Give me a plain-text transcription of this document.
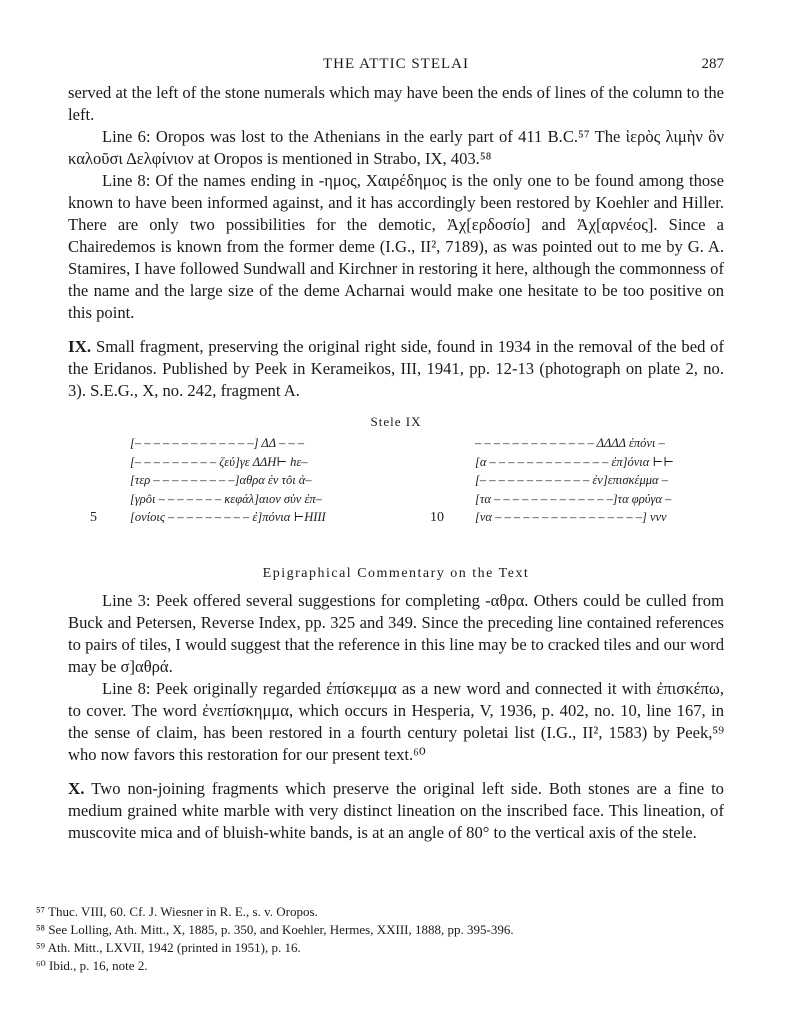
THE ATTIC STELAI	287

served at the left of the stone numerals which may have been the ends of lines of the column to the left.

Line 6: Oropos was lost to the Athenians in the early part of 411 B.C.⁵⁷ The ἱερὸς λιμὴν ὃν καλοῦσι Δελφίνιον at Oropos is mentioned in Strabo, IX, 403.⁵⁸

Line 8: Of the names ending in -ημος, Χαιρέδημος is the only one to be found among those known to have been informed against, and it has accordingly been restored by Koehler and Hiller. There are only two possibilities for the demotic, Ἀχ[ερδοσίο] and Ἀχ[αρνέος]. Since a Chairedemos is known from the former deme (I.G., II², 7189), as was pointed out to me by G. A. Stamires, I have followed Sundwall and Kirchner in restoring it here, although the commonness of the name and the large size of the deme Acharnai would make one hesitate to be too positive on this point.

IX. Small fragment, preserving the original right side, found in 1934 in the removal of the bed of the Eridanos. Published by Peek in Kerameikos, III, 1941, pp. 12-13 (photograph on plate 2, no. 3). S.E.G., X, no. 242, fragment A.

Stele IX
[– – – – – – – – – – – – –] ΔΔ – – –
[– – – – – – – – – ζεύ]γε ΔΔΗ⊢ hε–
[τερ – – – – – – – – –]αθρα ἐν τôι ἀ–
[γρôι – – – – – – – κεφάλ]αιον σὺν ἐπ–
[ονίοις – – – – – – – – – ἐ]πόνια ⊢ΗΙΙΙ
5
– – – – – – – – – – – – – ΔΔΔΔ ἐπόνι –
[α – – – – – – – – – – – – – ἐπ]όνια ⊢⊢
[– – – – – – – – – – – – ἐν]επισκέμμα –
[τα – – – – – – – – – – – – –]τα φρύγα –
[να – – – – – – – – – – – – – – – –] vvv
10
Epigraphical Commentary on the Text

Line 3: Peek offered several suggestions for completing -αθρα. Others could be culled from Buck and Petersen, Reverse Index, pp. 325 and 349. Since the preceding line contained references to pairs of tiles, I would suggest that the reference in this line may be to cracked tiles and our word may be σ]αθρά.

Line 8: Peek originally regarded ἐπίσκεμμα as a new word and connected it with ἐπισκέπω, to cover. The word ἐνεπίσκημμα, which occurs in Hesperia, V, 1936, p. 402, no. 10, line 167, in the sense of claim, has been restored in a fourth century poletai list (I.G., II², 1583) by Peek,⁵⁹ who now favors this restoration for our present text.⁶⁰

X. Two non-joining fragments which preserve the original left side. Both stones are a fine to medium grained white marble with very distinct lineation on the inscribed face. This lineation, of muscovite mica and of bluish-white bands, is at an angle of 80° to the vertical axis of the stele.

⁵⁷ Thuc. VIII, 60. Cf. J. Wiesner in R. E., s. v. Oropos.
⁵⁸ See Lolling, Ath. Mitt., X, 1885, p. 350, and Koehler, Hermes, XXIII, 1888, pp. 395-396.
⁵⁹ Ath. Mitt., LXVII, 1942 (printed in 1951), p. 16.
⁶⁰ Ibid., p. 16, note 2.
